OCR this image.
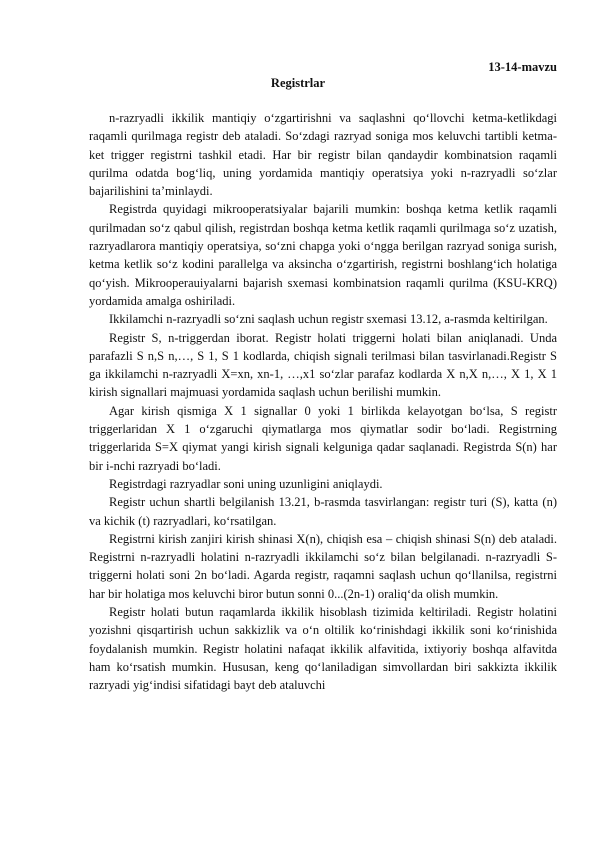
13-14-mavzu
Registrlar

n-razryadli ikkilik mantiqiy o‘zgartirishni va saqlashni qo‘llovchi ketma-ketlikdagi raqamli qurilmaga registr deb ataladi. So‘zdagi razryad soniga mos keluvchi tartibli ketma-ket trigger registrni tashkil etadi. Har bir registr bilan qandaydir kombinatsion raqamli qurilma odatda bog‘liq, uning yordamida mantiqiy operatsiya yoki n-razryadli so‘zlar bajarilishini ta’minlaydi.

Registrda quyidagi mikrooperatsiyalar bajarili mumkin: boshqa ketma ketlik raqamli qurilmadan so‘z qabul qilish, registrdan boshqa ketma ketlik raqamli qurilmaga so‘z uzatish, razryadlarora mantiqiy operatsiya, so‘zni chapga yoki o‘ngga berilgan razryad soniga surish, ketma ketlik so‘z kodini parallelga va aksincha o‘zgartirish, registrni boshlang‘ich holatiga qo‘yish. Mikrooperauiyalarni bajarish sxemasi kombinatsion raqamli qurilma (KSU-KRQ) yordamida amalga oshiriladi.

Ikkilamchi n-razryadli so‘zni saqlash uchun registr sxemasi 13.12, a-rasmda keltirilgan.

Registr S, n-triggerdan iborat. Registr holati triggerni holati bilan aniqlanadi. Unda parafazli S n,S n,…, S 1, S 1 kodlarda, chiqish signali terilmasi bilan tasvirlanadi.Registr S ga ikkilamchi n-razryadli X=xn, xn-1, …,x1 so‘zlar parafaz kodlarda X n,X n,…, X 1, X 1 kirish signallari majmuasi yordamida saqlash uchun berilishi mumkin.

Agar kirish qismiga X 1 signallar 0 yoki 1 birlikda kelayotgan bo‘lsa, S registr triggerlaridan X 1 o‘zgaruchi qiymatlarga mos qiymatlar sodir bo‘ladi. Registrning triggerlarida S=X qiymat yangi kirish signali kelguniga qadar saqlanadi. Registrda S(n) har bir i-nchi razryadi bo‘ladi.

Registrdagi razryadlar soni uning uzunligini aniqlaydi.

Registr uchun shartli belgilanish 13.21, b-rasmda tasvirlangan: registr turi (S), katta (n) va kichik (t) razryadlari, ko‘rsatilgan.

Registrni kirish zanjiri kirish shinasi X(n), chiqish esa – chiqish shinasi S(n) deb ataladi. Registrni n-razryadli holatini n-razryadli ikkilamchi so‘z bilan belgilanadi. n-razryadli S-triggerni holati soni 2n bo‘ladi. Agarda registr, raqamni saqlash uchun qo‘llanilsa, registrni har bir holatiga mos keluvchi biror butun sonni 0...(2n-1) oraliq‘da olish mumkin.

Registr holati butun raqamlarda ikkilik hisoblash tizimida keltiriladi. Registr holatini yozishni qisqartirish uchun sakkizlik va o‘n oltilik ko‘rinishdagi ikkilik soni ko‘rinishida foydalanish mumkin. Registr holatini nafaqat ikkilik alfavitida, ixtiyoriy boshqa alfavitda ham ko‘rsatish mumkin. Hususan, keng qo‘laniladigan simvollardan biri sakkizta ikkilik razryadi yig‘indisi sifatidagi bayt deb ataluvchi
